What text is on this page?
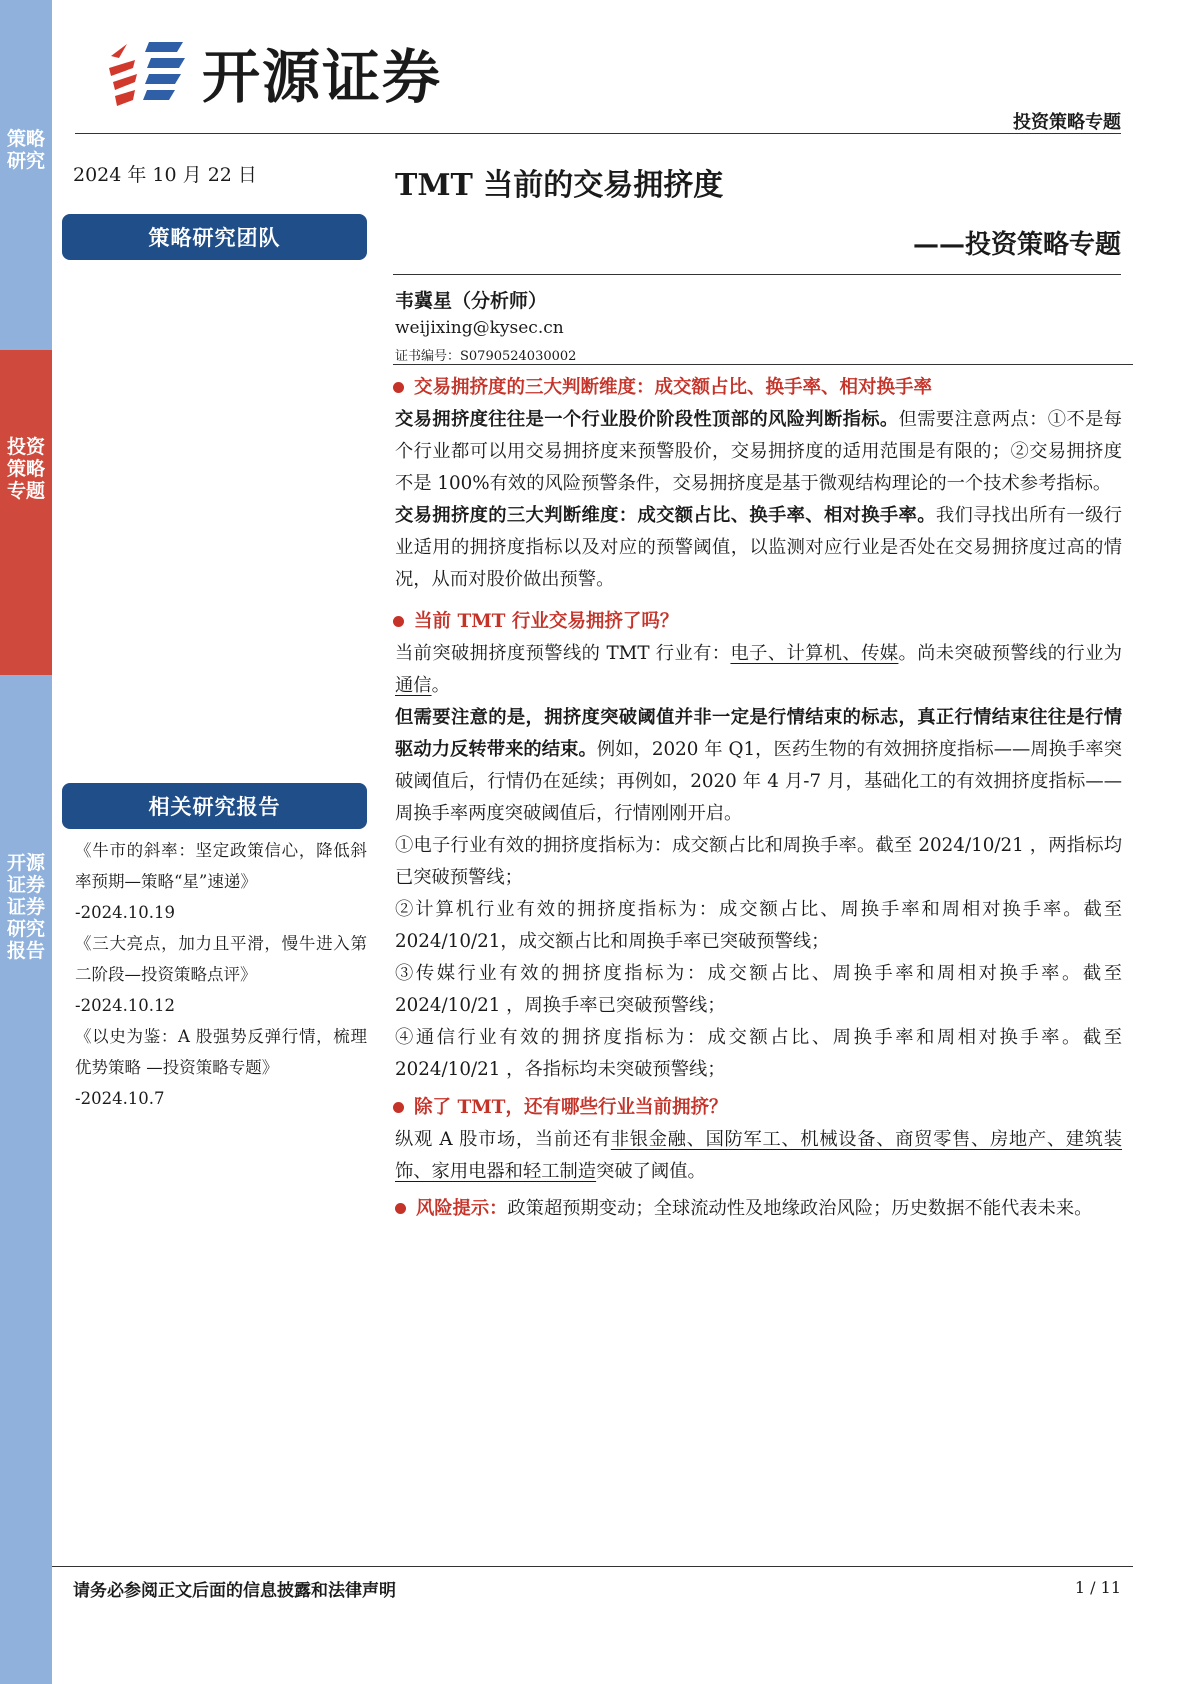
策略研究
投资策略专题
开源证券证券研究报告
开源证券
投资策略专题
2024 年 10 月 22 日	TMT 当前的交易拥挤度
——投资策略专题
策略研究团队
韦冀星（分析师）
weijixing@kysec.cn
证书编号：S0790524030002
交易拥挤度的三大判断维度：成交额占比、换手率、相对换手率

交易拥挤度往往是一个行业股价阶段性顶部的风险判断指标。但需要注意两点：①不是每个行业都可以用交易拥挤度来预警股价，交易拥挤度的适用范围是有限的；②交易拥挤度不是 100%有效的风险预警条件，交易拥挤度是基于微观结构理论的一个技术参考指标。

交易拥挤度的三大判断维度：成交额占比、换手率、相对换手率。我们寻找出所有一级行业适用的拥挤度指标以及对应的预警阈值，以监测对应行业是否处在交易拥挤度过高的情况，从而对股价做出预警。

当前 TMT 行业交易拥挤了吗？

当前突破拥挤度预警线的 TMT 行业有：电子、计算机、传媒。尚未突破预警线的行业为通信。

但需要注意的是，拥挤度突破阈值并非一定是行情结束的标志，真正行情结束往往是行情驱动力反转带来的结束。例如，2020 年 Q1，医药生物的有效拥挤度指标——周换手率突破阈值后，行情仍在延续；再例如，2020 年 4 月-7 月，基础化工的有效拥挤度指标——周换手率两度突破阈值后，行情刚刚开启。

①电子行业有效的拥挤度指标为：成交额占比和周换手率。截至 2024/10/21 ，两指标均已突破预警线；

②计算机行业有效的拥挤度指标为：成交额占比、周换手率和周相对换手率。截至 2024/10/21，成交额占比和周换手率已突破预警线；

③传媒行业有效的拥挤度指标为：成交额占比、周换手率和周相对换手率。截至 2024/10/21 ，周换手率已突破预警线；

④通信行业有效的拥挤度指标为：成交额占比、周换手率和周相对换手率。截至 2024/10/21 ，各指标均未突破预警线；

除了 TMT，还有哪些行业当前拥挤？

纵观 A 股市场，当前还有非银金融、国防军工、机械设备、商贸零售、房地产、建筑装饰、家用电器和轻工制造突破了阈值。

风险提示：政策超预期变动；全球流动性及地缘政治风险；历史数据不能代表未来。

相关研究报告

《牛市的斜率：坚定政策信心，降低斜率预期—策略“星”速递》

-2024.10.19

《三大亮点，加力且平滑，慢牛进入第二阶段—投资策略点评》

-2024.10.12

《以史为鉴：A 股强势反弹行情，梳理优势策略 —投资策略专题》

-2024.10.7

请务必参阅正文后面的信息披露和法律声明	1 / 11
